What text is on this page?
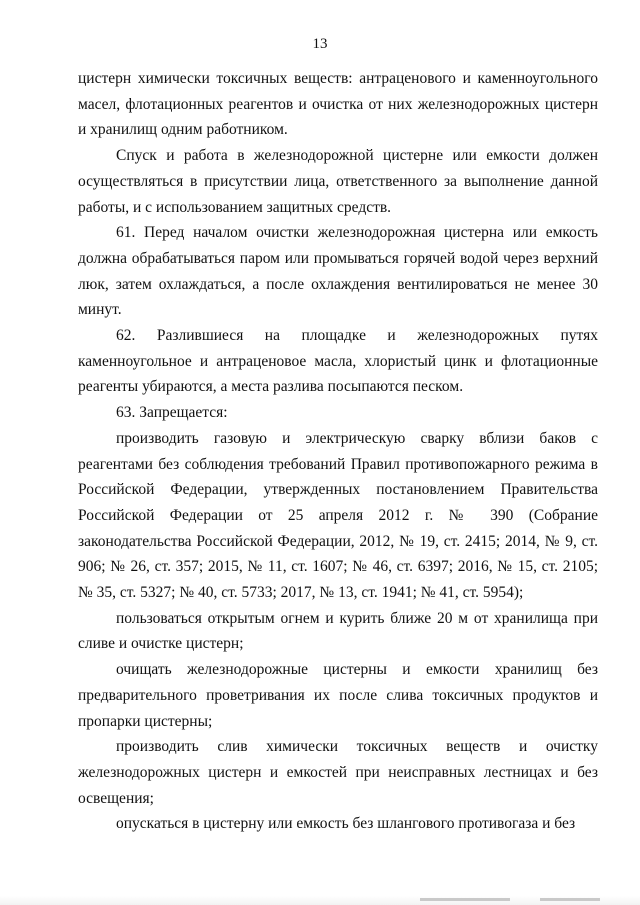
13

цистерн химически токсичных веществ: антраценового и каменноугольного масел, флотационных реагентов и очистка от них железнодорожных цистерн и хранилищ одним работником.

Спуск и работа в железнодорожной цистерне или емкости должен осуществляться в присутствии лица, ответственного за выполнение данной работы, и с использованием защитных средств.

61. Перед началом очистки железнодорожная цистерна или емкость должна обрабатываться паром или промываться горячей водой через верхний люк, затем охлаждаться, а после охлаждения вентилироваться не менее 30 минут.

62. Разлившиеся на площадке и железнодорожных путях каменноугольное и антраценовое масла, хлористый цинк и флотационные реагенты убираются, а места разлива посыпаются песком.

63. Запрещается:

производить газовую и электрическую сварку вблизи баков с реагентами без соблюдения требований Правил противопожарного режима в Российской Федерации, утвержденных постановлением Правительства Российской Федерации от 25 апреля 2012 г. № 390 (Собрание законодательства Российской Федерации, 2012, № 19, ст. 2415; 2014, № 9, ст. 906; № 26, ст. 357; 2015, № 11, ст. 1607; № 46, ст. 6397; 2016, № 15, ст. 2105; № 35, ст. 5327; № 40, ст. 5733; 2017, № 13, ст. 1941; № 41, ст. 5954);

пользоваться открытым огнем и курить ближе 20 м от хранилища при сливе и очистке цистерн;

очищать железнодорожные цистерны и емкости хранилищ без предварительного проветривания их после слива токсичных продуктов и пропарки цистерны;

производить слив химически токсичных веществ и очистку железнодорожных цистерн и емкостей при неисправных лестницах и без освещения;

опускаться в цистерну или емкость без шлангового противогаза и без
